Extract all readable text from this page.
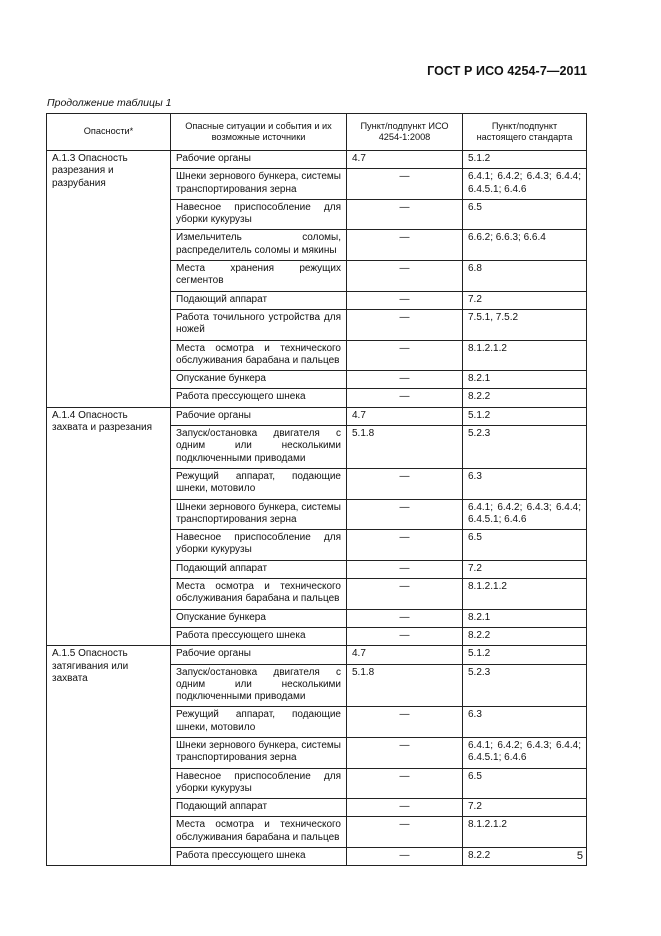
ГОСТ Р ИСО 4254-7—2011
Продолжение таблицы 1
Опасности*	Опасные ситуации и события и их возможные источники	Пункт/подпункт ИСО 4254-1:2008	Пункт/подпункт настоящего стандарта
А.1.3 Опасность разрезания и разрубания	Рабочие органы	4.7	5.1.2
	Шнеки зернового бункера, системы транспортирования зерна	—	6.4.1; 6.4.2; 6.4.3; 6.4.4; 6.4.5.1; 6.4.6
	Навесное приспособление для уборки кукурузы	—	6.5
	Измельчитель соломы, распределитель соломы и мякины	—	6.6.2; 6.6.3; 6.6.4
	Места хранения режущих сегментов	—	6.8
	Подающий аппарат	—	7.2
	Работа точильного устройства для ножей	—	7.5.1, 7.5.2
	Места осмотра и технического обслуживания барабана и пальцев	—	8.1.2.1.2
	Опускание бункера	—	8.2.1
	Работа прессующего шнека	—	8.2.2
А.1.4 Опасность захвата и разрезания	Рабочие органы	4.7	5.1.2
	Запуск/остановка двигателя с одним или несколькими подключенными приводами	5.1.8	5.2.3
	Режущий аппарат, подающие шнеки, мотовило	—	6.3
	Шнеки зернового бункера, системы транспортирования зерна	—	6.4.1; 6.4.2; 6.4.3; 6.4.4; 6.4.5.1; 6.4.6
	Навесное приспособление для уборки кукурузы	—	6.5
	Подающий аппарат	—	7.2
	Места осмотра и технического обслуживания барабана и пальцев	—	8.1.2.1.2
	Опускание бункера	—	8.2.1
	Работа прессующего шнека	—	8.2.2
А.1.5 Опасность затягивания или захвата	Рабочие органы	4.7	5.1.2
	Запуск/остановка двигателя с одним или несколькими подключенными приводами	5.1.8	5.2.3
	Режущий аппарат, подающие шнеки, мотовило	—	6.3
	Шнеки зернового бункера, системы транспортирования зерна	—	6.4.1; 6.4.2; 6.4.3; 6.4.4; 6.4.5.1; 6.4.6
	Навесное приспособление для уборки кукурузы	—	6.5
	Подающий аппарат	—	7.2
	Места осмотра и технического обслуживания барабана и пальцев	—	8.1.2.1.2
	Работа прессующего шнека	—	8.2.2	5
